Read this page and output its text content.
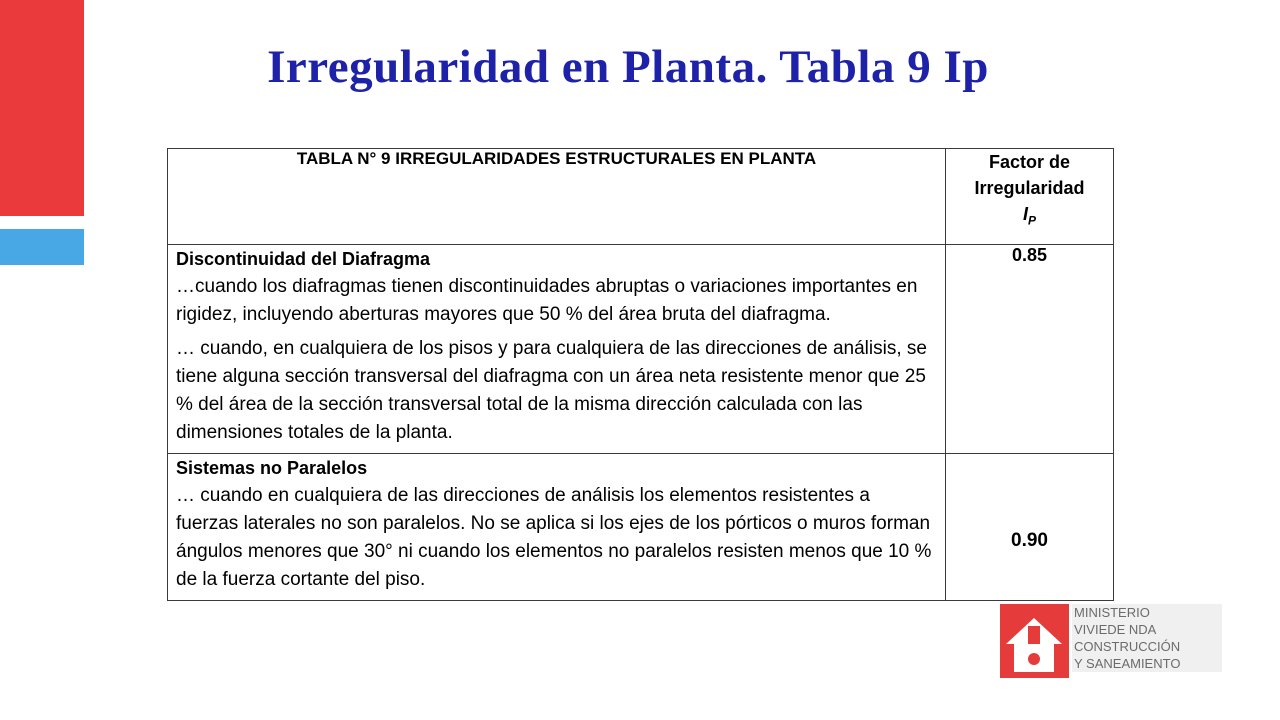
Irregularidad en Planta. Tabla 9 Ip
TABLA N° 9 IRREGULARIDADES ESTRUCTURALES EN PLANTA	Factor de
Irregularidad
$I_P$

Discontinuidad del Diafragma
…cuando los diafragmas tienen discontinuidades abruptas o variaciones importantes en rigidez, incluyendo aberturas mayores que 50 % del área bruta del diafragma.
… cuando, en cualquiera de los pisos y para cualquiera de las direcciones de análisis, se tiene alguna sección transversal del diafragma con un área neta resistente menor que 25 % del área de la sección transversal total de la misma dirección calculada con las dimensiones totales de la planta.	0.85

Sistemas no Paralelos
… cuando en cualquiera de las direcciones de análisis los elementos resistentes a fuerzas laterales no son paralelos. No se aplica si los ejes de los pórticos o muros forman ángulos menores que 30° ni cuando los elementos no paralelos resisten menos que 10 % de la fuerza cortante del piso.	0.90
MINISTERIO
VIVIEDE NDA
CONSTRUCCIÓN
Y SANEAMIENTO
